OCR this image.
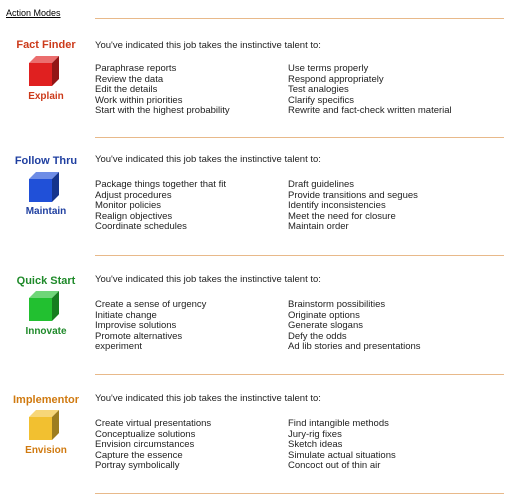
Action Modes
Fact Finder
Explain
You've indicated this job takes the instinctive talent to:
Paraphrase reports
Review the data
Edit the details
Work within priorities
Start with the highest probability
Use terms properly
Respond appropriately
Test analogies
Clarify specifics
Rewrite and fact-check written material
Follow Thru
Maintain
You've indicated this job takes the instinctive talent to:
Package things together that fit
Adjust procedures
Monitor policies
Realign objectives
Coordinate schedules
Draft guidelines
Provide transitions and segues
Identify inconsistencies
Meet the need for closure
Maintain order
Quick Start
Innovate
You've indicated this job takes the instinctive talent to:
Create a sense of urgency
Initiate change
Improvise solutions
Promote alternatives
experiment
Brainstorm possibilities
Originate options
Generate slogans
Defy the odds
Ad lib stories and presentations
Implementor
Envision
You've indicated this job takes the instinctive talent to:
Create virtual presentations
Conceptualize solutions
Envision circumstances
Capture the essence
Portray symbolically
Find intangible methods
Jury-rig fixes
Sketch ideas
Simulate actual situations
Concoct out of thin air
